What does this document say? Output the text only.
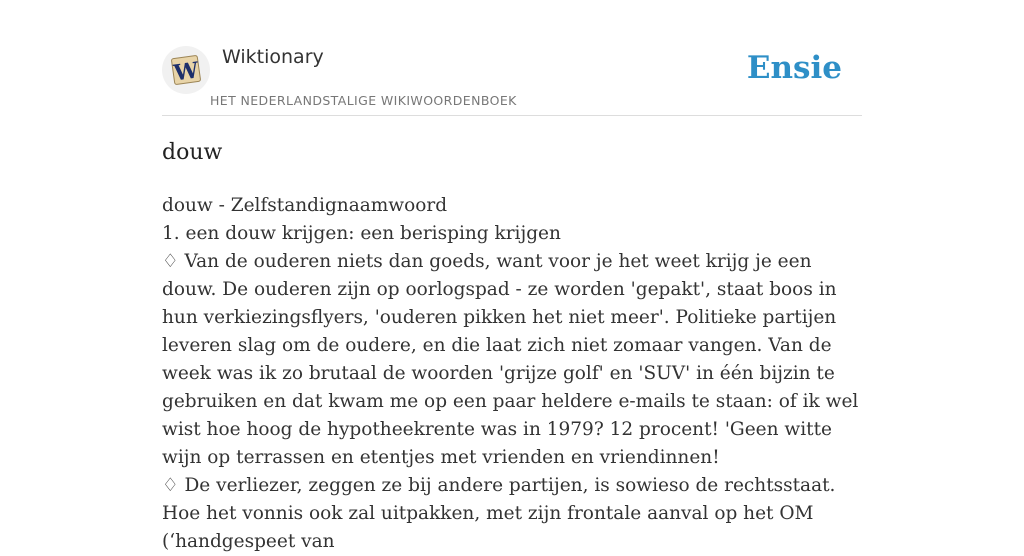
W
Wiktionary
HET NEDERLANDSTALIGE WIKIWOORDENBOEK
Ensie
douw

douw - Zelfstandignaamwoord

1. een douw krijgen: een berisping krijgen

♢ Van de ouderen niets dan goeds, want voor je het weet krijg je een douw. De ouderen zijn op oorlogspad - ze worden 'gepakt', staat boos in hun verkiezingsflyers, 'ouderen pikken het niet meer'. Politieke partijen leveren slag om de oudere, en die laat zich niet zomaar vangen. Van de week was ik zo brutaal de woorden 'grijze golf' en 'SUV' in één bijzin te gebruiken en dat kwam me op een paar heldere e-mails te staan: of ik wel wist hoe hoog de hypotheekrente was in 1979? 12 procent! 'Geen witte wijn op terrassen en etentjes met vrienden en vriendinnen!

♢ De verliezer, zeggen ze bij andere partijen, is sowieso de rechtsstaat. Hoe het vonnis ook zal uitpakken, met zijn frontale aanval op het OM (‘handgespeet van
